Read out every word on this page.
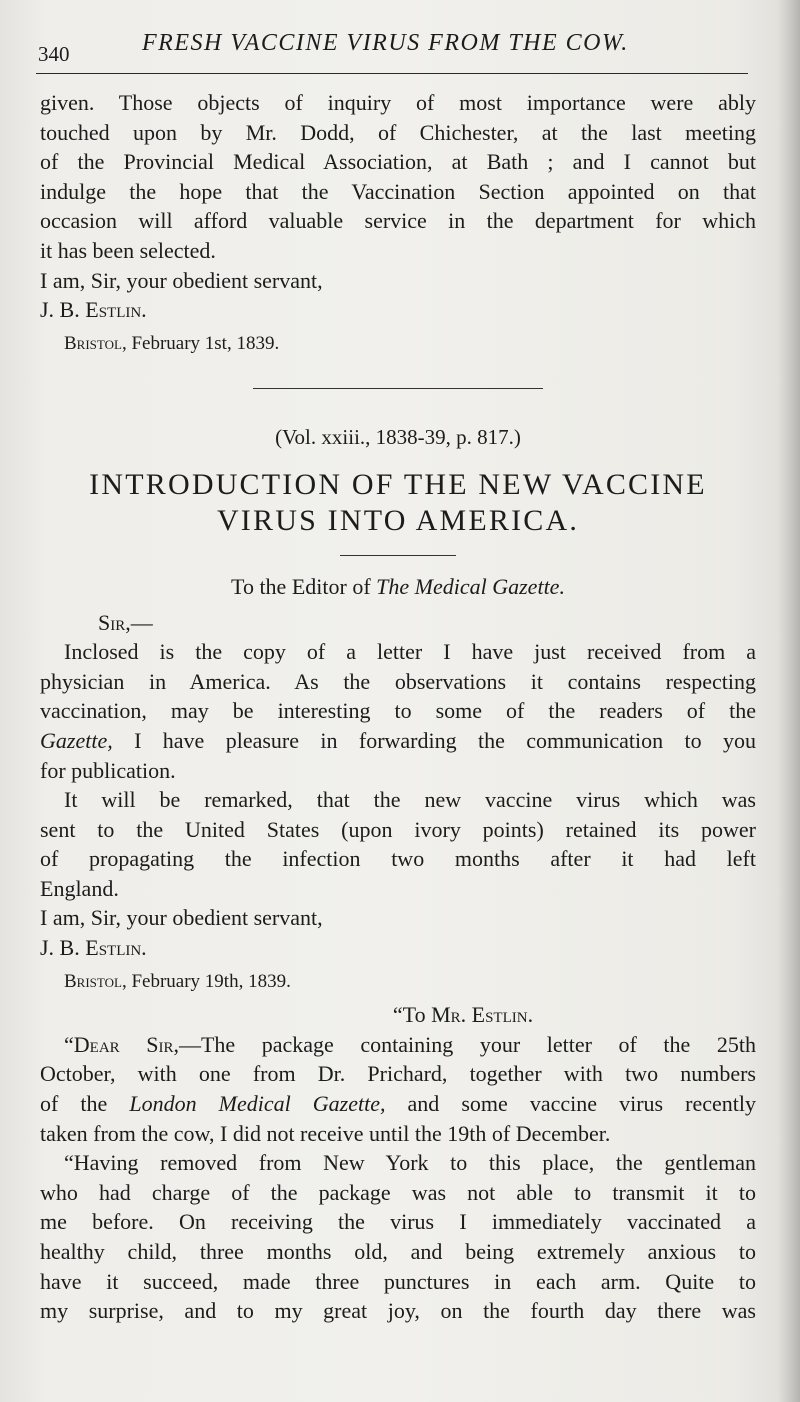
340	FRESH VACCINE VIRUS FROM THE COW.
given. Those objects of inquiry of most importance were ably
touched upon by Mr. Dodd, of Chichester, at the last meeting
of the Provincial Medical Association, at Bath ; and I cannot but
indulge the hope that the Vaccination Section appointed on that
occasion will afford valuable service in the department for which
it has been selected.
I am, Sir, your obedient servant,
J. B. Estlin.
Bristol, February 1st, 1839.
(Vol. xxiii., 1838-39, p. 817.)
INTRODUCTION OF THE NEW VACCINE
VIRUS INTO AMERICA.
To the Editor of The Medical Gazette.
Sir,—
Inclosed is the copy of a letter I have just received from a
physician in America. As the observations it contains respecting
vaccination, may be interesting to some of the readers of the
Gazette, I have pleasure in forwarding the communication to you
for publication.
It will be remarked, that the new vaccine virus which was
sent to the United States (upon ivory points) retained its power
of propagating the infection two months after it had left
England.
I am, Sir, your obedient servant,
J. B. Estlin.
Bristol, February 19th, 1839.
“To Mr. Estlin.
“Dear Sir,—The package containing your letter of the 25th
October, with one from Dr. Prichard, together with two numbers
of the London Medical Gazette, and some vaccine virus recently
taken from the cow, I did not receive until the 19th of December.
“Having removed from New York to this place, the gentleman
who had charge of the package was not able to transmit it to
me before. On receiving the virus I immediately vaccinated a
healthy child, three months old, and being extremely anxious to
have it succeed, made three punctures in each arm. Quite to
my surprise, and to my great joy, on the fourth day there was
